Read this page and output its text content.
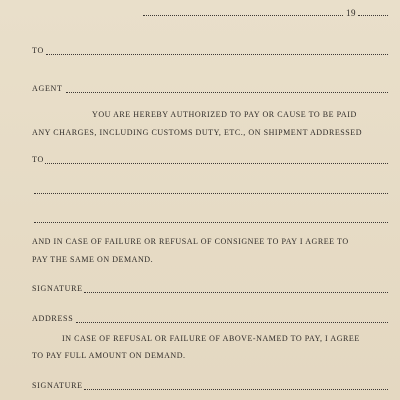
19
TO
AGENT
YOU ARE HEREBY AUTHORIZED TO PAY OR CAUSE TO BE PAID
ANY CHARGES, INCLUDING CUSTOMS DUTY, ETC., ON SHIPMENT ADDRESSED
TO
AND IN CASE OF FAILURE OR REFUSAL OF CONSIGNEE TO PAY I AGREE TO
PAY THE SAME ON DEMAND.
SIGNATURE
ADDRESS
IN CASE OF REFUSAL OR FAILURE OF ABOVE-NAMED TO PAY, I AGREE
TO PAY FULL AMOUNT ON DEMAND.
SIGNATURE
